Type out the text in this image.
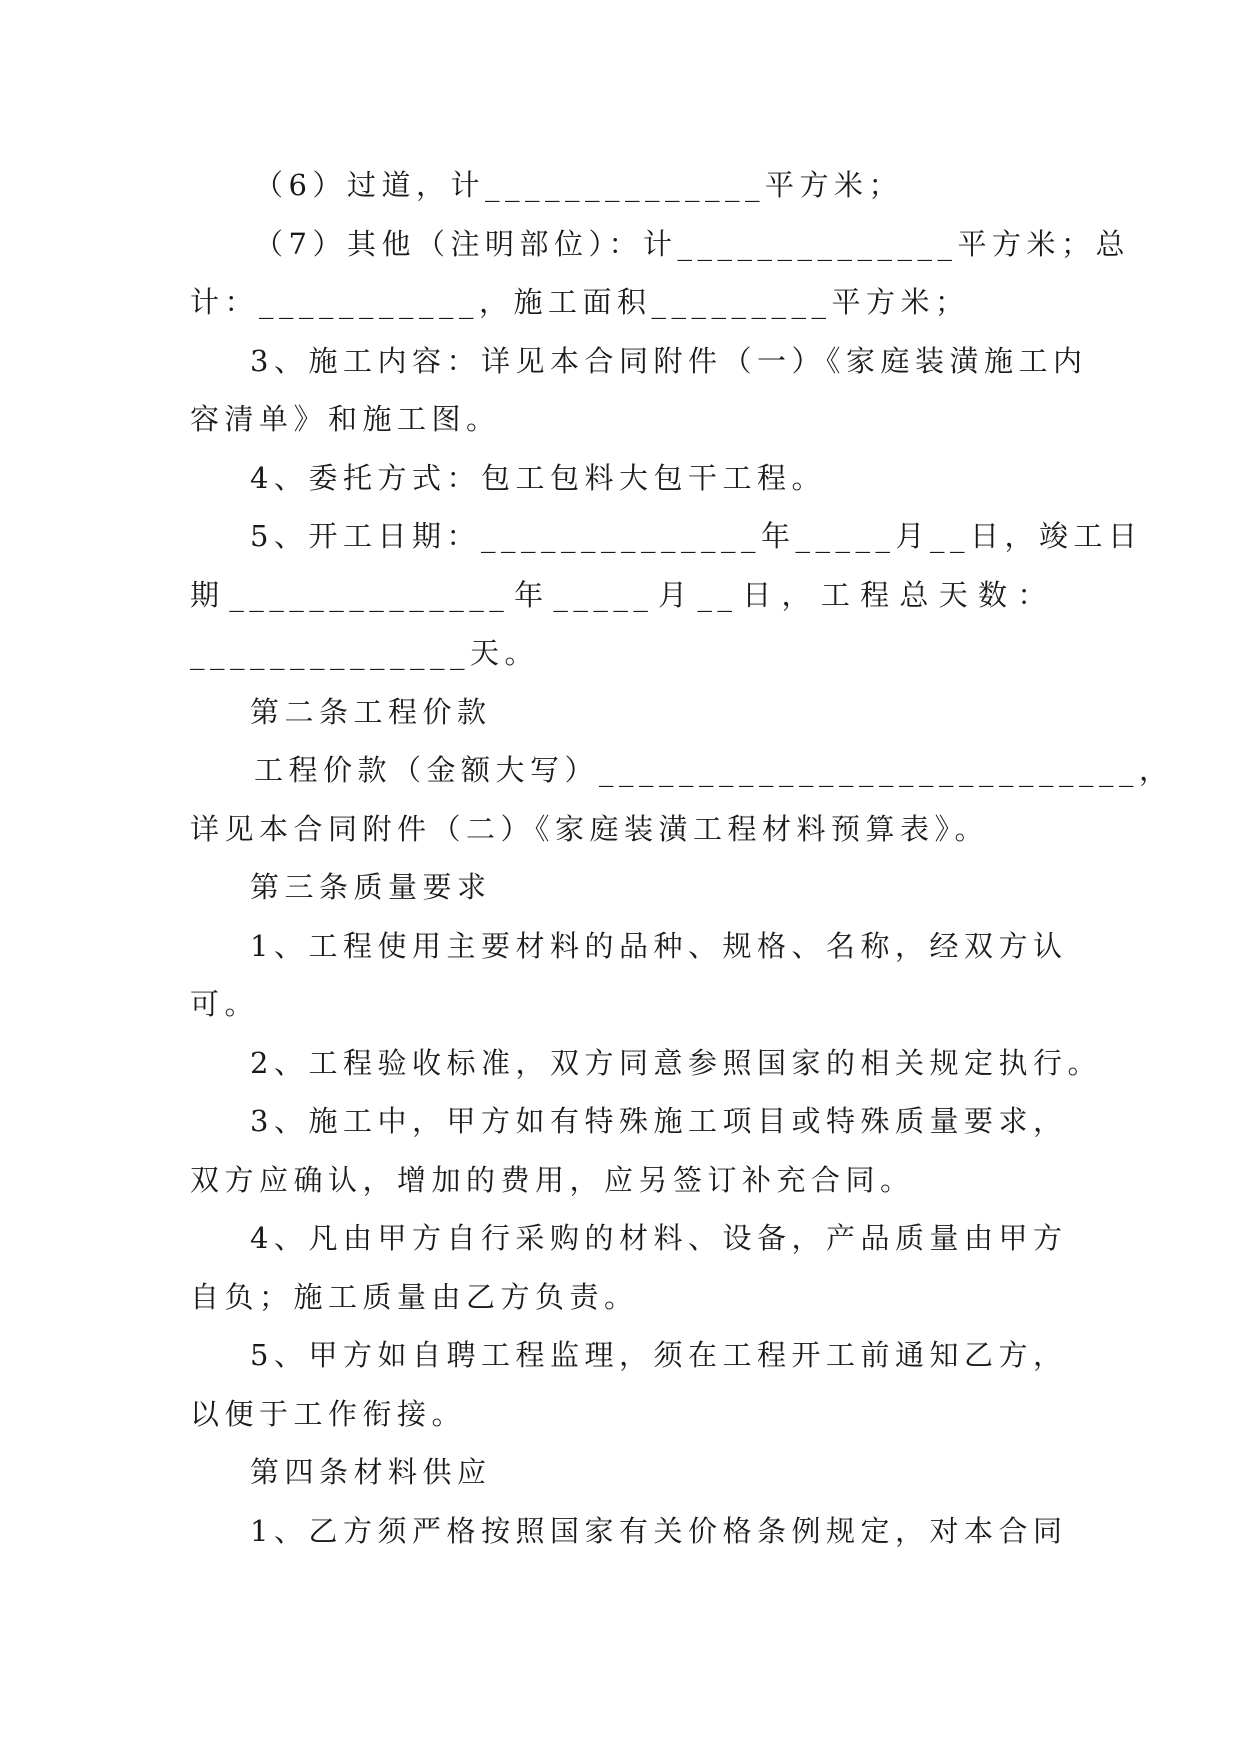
（6）过道，计______________平方米；
（7）其他（注明部位）：计______________平方米；总
计：___________，施工面积_________平方米；
3、施工内容：详见本合同附件（一）《家庭装潢施工内
容清单》和施工图。
4、委托方式：包工包料大包干工程。
5、开工日期：______________年_____月__日，竣工日
期 ______________ 年 _____ 月 __ 日 ， 工 程 总 天 数 ：
______________天。
第二条工程价款
工程价款（金额大写）___________________________，
详见本合同附件（二）《家庭装潢工程材料预算表》。
第三条质量要求
1、工程使用主要材料的品种、规格、名称，经双方认
可。
2、工程验收标准，双方同意参照国家的相关规定执行。
3、施工中，甲方如有特殊施工项目或特殊质量要求，
双方应确认，增加的费用，应另签订补充合同。
4、凡由甲方自行采购的材料、设备，产品质量由甲方
自负；施工质量由乙方负责。
5、甲方如自聘工程监理，须在工程开工前通知乙方，
以便于工作衔接。
第四条材料供应
1、乙方须严格按照国家有关价格条例规定，对本合同
